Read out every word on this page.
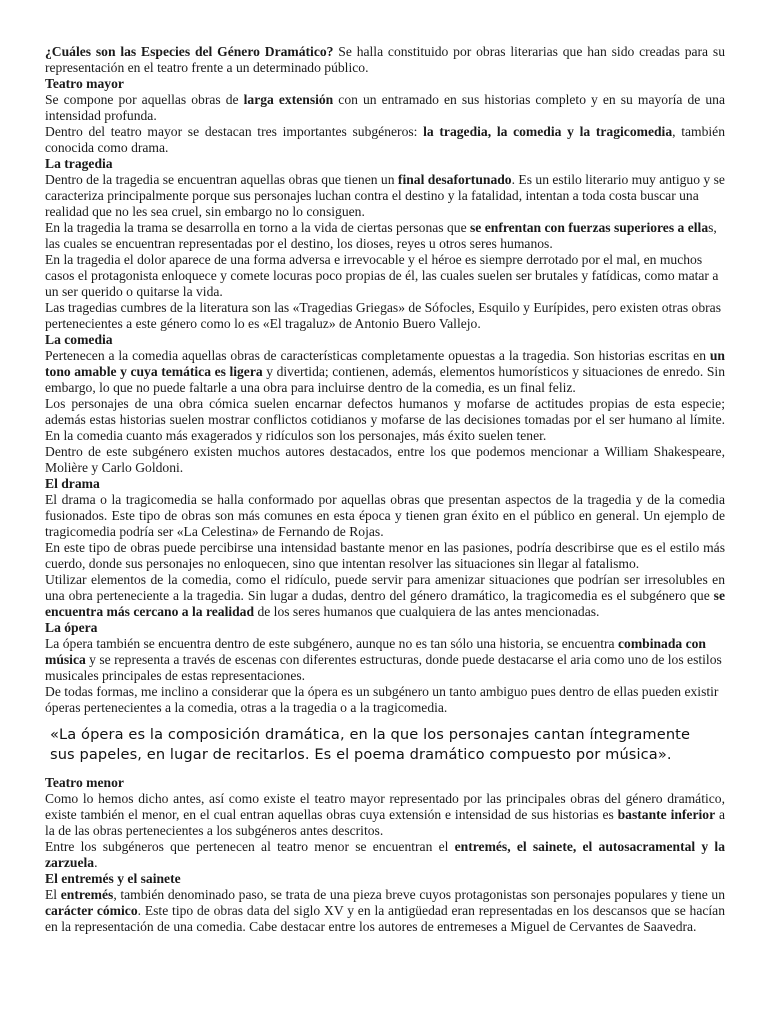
¿Cuáles son las Especies del Género Dramático? Se halla constituido por obras literarias que han sido creadas para su representación en el teatro frente a un determinado público.

Teatro mayor

Se compone por aquellas obras de larga extensión con un entramado en sus historias completo y en su mayoría de una intensidad profunda.

Dentro del teatro mayor se destacan tres importantes subgéneros: la tragedia, la comedia y la tragicomedia, también conocida como drama.

La tragedia

Dentro de la tragedia se encuentran aquellas obras que tienen un final desafortunado. Es un estilo literario muy antiguo y se caracteriza principalmente porque sus personajes luchan contra el destino y la fatalidad, intentan a toda costa buscar una realidad que no les sea cruel, sin embargo no lo consiguen.

En la tragedia la trama se desarrolla en torno a la vida de ciertas personas que se enfrentan con fuerzas superiores a ellas, las cuales se encuentran representadas por el destino, los dioses, reyes u otros seres humanos.

En la tragedia el dolor aparece de una forma adversa e irrevocable y el héroe es siempre derrotado por el mal, en muchos casos el protagonista enloquece y comete locuras poco propias de él, las cuales suelen ser brutales y fatídicas, como matar a un ser querido o quitarse la vida.

Las tragedias cumbres de la literatura son las «Tragedias Griegas» de Sófocles, Esquilo y Eurípides, pero existen otras obras pertenecientes a este género como lo es «El tragaluz» de Antonio Buero Vallejo.

La comedia

Pertenecen a la comedia aquellas obras de características completamente opuestas a la tragedia. Son historias escritas en un tono amable y cuya temática es ligera y divertida; contienen, además, elementos humorísticos y situaciones de enredo. Sin embargo, lo que no puede faltarle a una obra para incluirse dentro de la comedia, es un final feliz.

Los personajes de una obra cómica suelen encarnar defectos humanos y mofarse de actitudes propias de esta especie; además estas historias suelen mostrar conflictos cotidianos y mofarse de las decisiones tomadas por el ser humano al límite. En la comedia cuanto más exagerados y ridículos son los personajes, más éxito suelen tener.

Dentro de este subgénero existen muchos autores destacados, entre los que podemos mencionar a William Shakespeare, Molière y Carlo Goldoni.

El drama

El drama o la tragicomedia se halla conformado por aquellas obras que presentan aspectos de la tragedia y de la comedia fusionados. Este tipo de obras son más comunes en esta época y tienen gran éxito en el público en general. Un ejemplo de tragicomedia podría ser «La Celestina» de Fernando de Rojas.

En este tipo de obras puede percibirse una intensidad bastante menor en las pasiones, podría describirse que es el estilo más cuerdo, donde sus personajes no enloquecen, sino que intentan resolver las situaciones sin llegar al fatalismo.

Utilizar elementos de la comedia, como el ridículo, puede servir para amenizar situaciones que podrían ser irresolubles en una obra perteneciente a la tragedia. Sin lugar a dudas, dentro del género dramático, la tragicomedia es el subgénero que se encuentra más cercano a la realidad de los seres humanos que cualquiera de las antes mencionadas.

La ópera

La ópera también se encuentra dentro de este subgénero, aunque no es tan sólo una historia, se encuentra combinada con música y se representa a través de escenas con diferentes estructuras, donde puede destacarse el aria como uno de los estilos musicales principales de estas representaciones.

De todas formas, me inclino a considerar que la ópera es un subgénero un tanto ambiguo pues dentro de ellas pueden existir óperas pertenecientes a la comedia, otras a la tragedia o a la tragicomedia.

«La ópera es la composición dramática, en la que los personajes cantan íntegramente
sus papeles, en lugar de recitarlos. Es el poema dramático compuesto por música».
Teatro menor

Como lo hemos dicho antes, así como existe el teatro mayor representado por las principales obras del género dramático, existe también el menor, en el cual entran aquellas obras cuya extensión e intensidad de sus historias es bastante inferior a la de las obras pertenecientes a los subgéneros antes descritos.

Entre los subgéneros que pertenecen al teatro menor se encuentran el entremés, el sainete, el autosacramental y la zarzuela.

El entremés y el sainete

El entremés, también denominado paso, se trata de una pieza breve cuyos protagonistas son personajes populares y tiene un carácter cómico. Este tipo de obras data del siglo XV y en la antigüedad eran representadas en los descansos que se hacían en la representación de una comedia. Cabe destacar entre los autores de entremeses a Miguel de Cervantes de Saavedra.
